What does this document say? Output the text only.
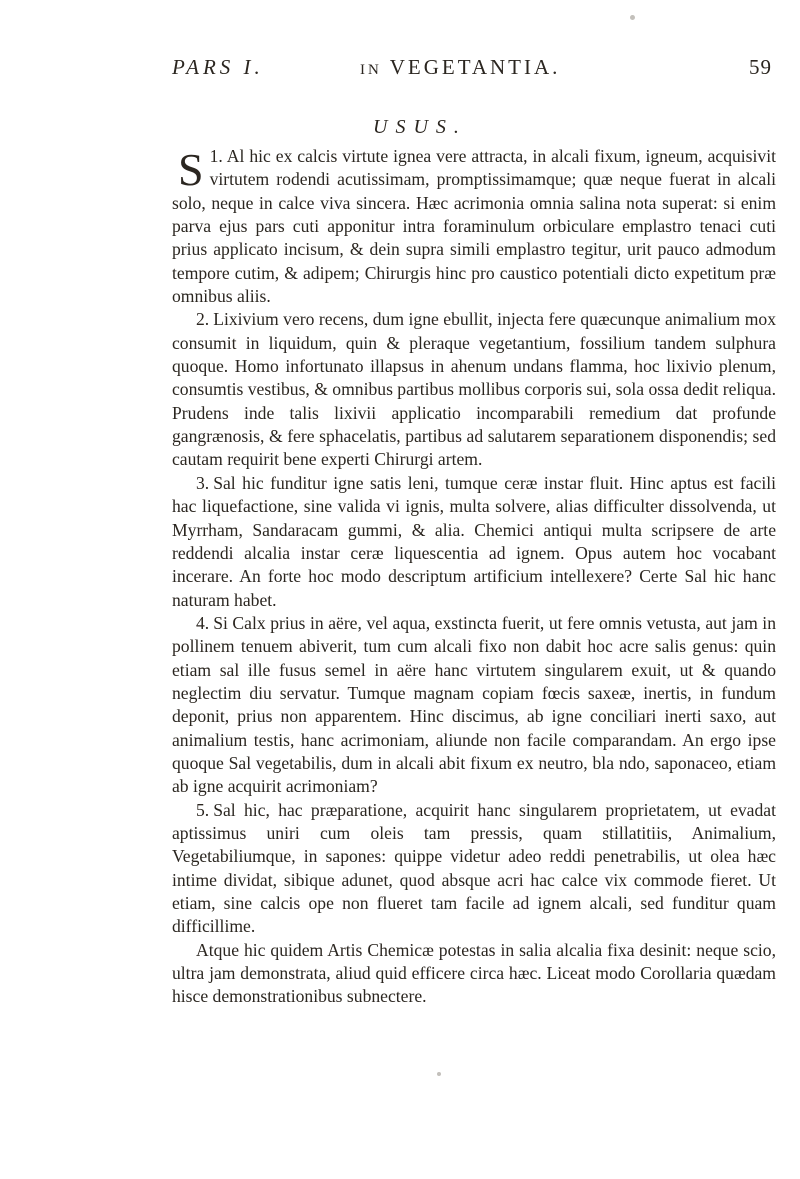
PARS I.	IN VEGETANTIA.	59
USUS.

1.
S Al hic ex calcis virtute ignea vere attracta, in alcali fixum, igneum, acquisivit virtutem rodendi acutissimam, promptissimamque; quæ neque fuerat in alcali solo, neque in calce viva sincera. Hæc acrimonia omnia salina nota superat: si enim parva ejus pars cuti apponitur intra foraminulum orbiculare emplastro tenaci cuti prius applicato incisum, & dein supra simili emplastro tegitur, urit pauco admodum tempore cutim, & adipem; Chirurgis hinc pro caustico potentiali dicto expetitum præ omnibus aliis.

2. Lixivium vero recens, dum igne ebullit, injecta fere quæcunque animalium mox consumit in liquidum, quin & pleraque vegetantium, fossilium tandem sulphura quoque. Homo infortunato illapsus in ahenum undans flamma, hoc lixivio plenum, consumtis vestibus, & omnibus partibus mollibus corporis sui, sola ossa dedit reliqua. Prudens inde talis lixivii applicatio incomparabili remedium dat profunde gangrænosis, & fere sphacelatis, partibus ad salutarem separationem disponendis; sed cautam requirit bene experti Chirurgi artem.

3. Sal hic funditur igne satis leni, tumque ceræ instar fluit. Hinc aptus est facili hac liquefactione, sine valida vi ignis, multa solvere, alias difficulter dissolvenda, ut Myrrham, Sandaracam gummi, & alia. Chemici antiqui multa scripsere de arte reddendi alcalia instar ceræ liquescentia ad ignem. Opus autem hoc vocabant incerare. An forte hoc modo descriptum artificium intellexere? Certe Sal hic hanc naturam habet.

4. Si Calx prius in aëre, vel aqua, exstincta fuerit, ut fere omnis vetusta, aut jam in pollinem tenuem abiverit, tum cum alcali fixo non dabit hoc acre salis genus: quin etiam sal ille fusus semel in aëre hanc virtutem singularem exuit, ut & quando neglectim diu servatur. Tumque magnam copiam fœcis saxeæ, inertis, in fundum deponit, prius non apparentem. Hinc discimus, ab igne conciliari inerti saxo, aut animalium testis, hanc acrimoniam, aliunde non facile comparandam. An ergo ipse quoque Sal vegetabilis, dum in alcali abit fixum ex neutro, bla ndo, saponaceo, etiam ab igne acquirit acrimoniam?

5. Sal hic, hac præparatione, acquirit hanc singularem proprietatem, ut evadat aptissimus uniri cum oleis tam pressis, quam stillatitiis, Animalium, Vegetabiliumque, in sapones: quippe videtur adeo reddi penetrabilis, ut olea hæc intime dividat, sibique adunet, quod absque acri hac calce vix commode fieret. Ut etiam, sine calcis ope non flueret tam facile ad ignem alcali, sed funditur quam difficillime.

Atque hic quidem Artis Chemicæ potestas in salia alcalia fixa desinit: neque scio, ultra jam demonstrata, aliud quid efficere circa hæc. Liceat modo Corollaria quædam hisce demonstrationibus subnectere.
